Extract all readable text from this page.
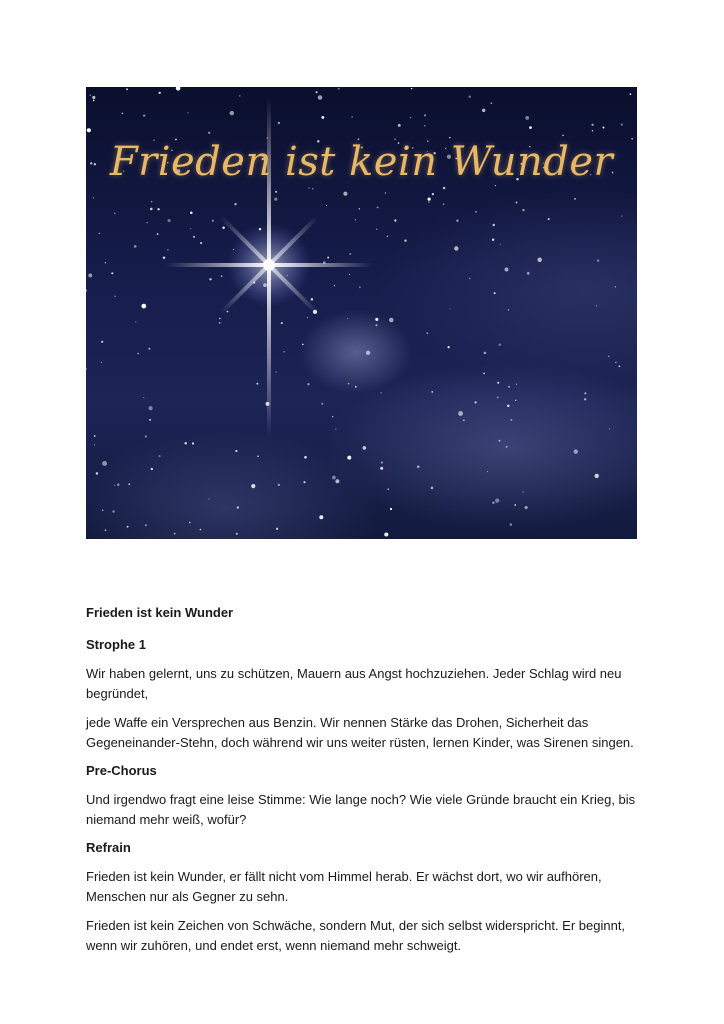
Frieden ist kein Wunder

Frieden ist kein Wunder

Strophe 1

Wir haben gelernt, uns zu schützen, Mauern aus Angst hochzuziehen. Jeder Schlag wird neu begründet,

jede Waffe ein Versprechen aus Benzin. Wir nennen Stärke das Drohen, Sicherheit das Gegeneinander-Stehn, doch während wir uns weiter rüsten, lernen Kinder, was Sirenen singen.

Pre-Chorus

Und irgendwo fragt eine leise Stimme: Wie lange noch? Wie viele Gründe braucht ein Krieg, bis niemand mehr weiß, wofür?

Refrain

Frieden ist kein Wunder, er fällt nicht vom Himmel herab. Er wächst dort, wo wir aufhören, Menschen nur als Gegner zu sehn.

Frieden ist kein Zeichen von Schwäche, sondern Mut, der sich selbst widerspricht. Er beginnt, wenn wir zuhören, und endet erst, wenn niemand mehr schweigt.
